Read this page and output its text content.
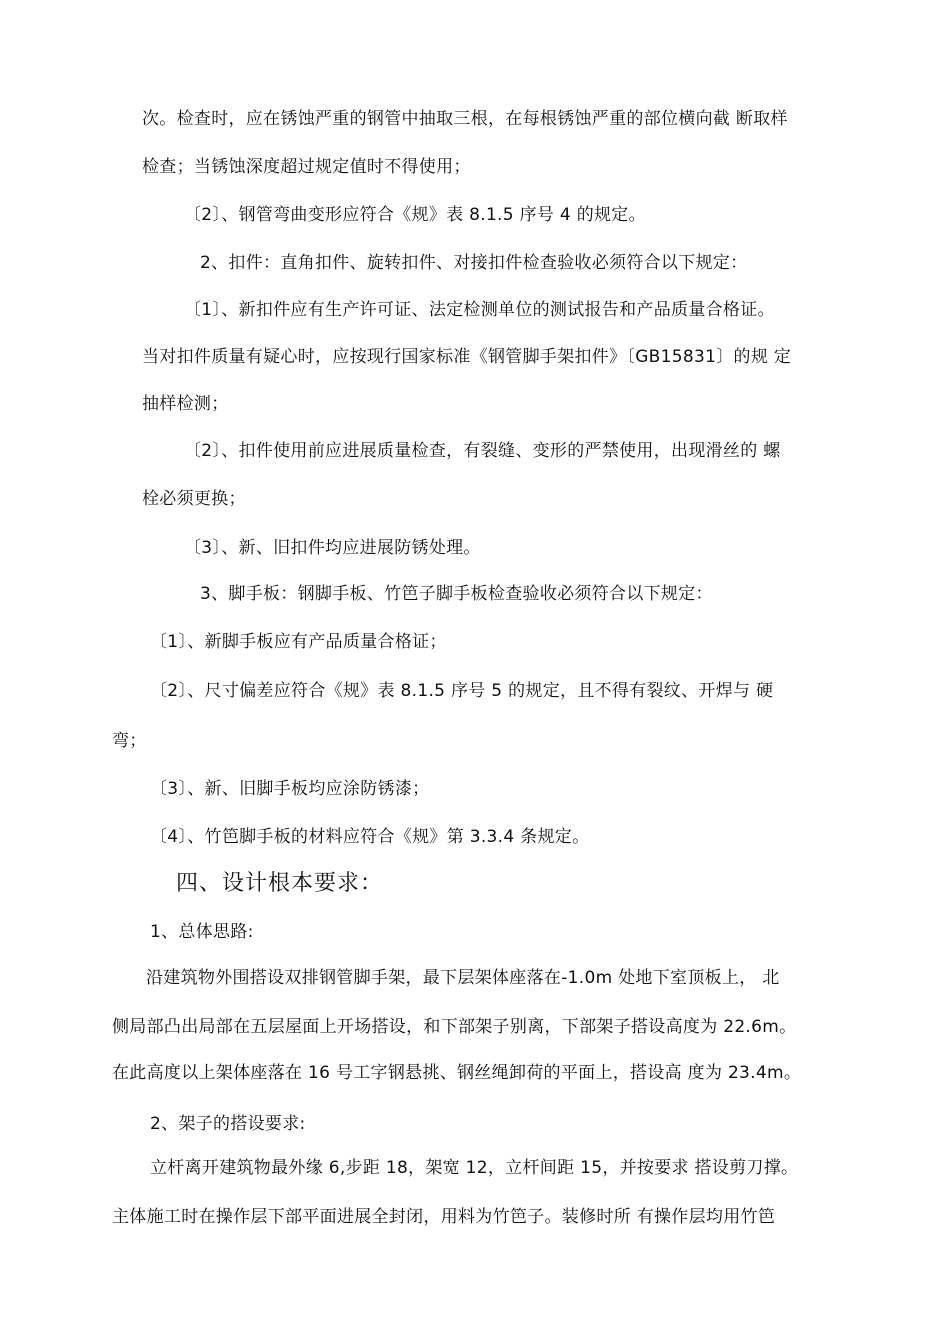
次。检查时，应在锈蚀严重的钢管中抽取三根，在每根锈蚀严重的部位横向截 断取样
检查；当锈蚀深度超过规定值时不得使用；
〔2〕、钢管弯曲变形应符合《规》表 8.1.5 序号 4 的规定。
2、扣件：直角扣件、旋转扣件、对接扣件检查验收必须符合以下规定：
〔1〕、新扣件应有生产许可证、法定检测单位的测试报告和产品质量合格证。
当对扣件质量有疑心时，应按现行国家标准《钢管脚手架扣件》〔GB15831〕的规 定
抽样检测；
〔2〕、扣件使用前应进展质量检查，有裂缝、变形的严禁使用，出现滑丝的 螺
栓必须更换；
〔3〕、新、旧扣件均应进展防锈处理。
3、脚手板：钢脚手板、竹笆子脚手板检查验收必须符合以下规定：
〔1〕、新脚手板应有产品质量合格证；
〔2〕、尺寸偏差应符合《规》表 8.1.5 序号 5 的规定，且不得有裂纹、开焊与 硬
弯；
〔3〕、新、旧脚手板均应涂防锈漆；
〔4〕、竹笆脚手板的材料应符合《规》第 3.3.4 条规定。
四、设计根本要求：
1、总体思路:
沿建筑物外围搭设双排钢管脚手架，最下层架体座落在-1.0m 处地下室顶板上， 北
侧局部凸出局部在五层屋面上开场搭设，和下部架子别离，下部架子搭设高度为 22.6m。
在此高度以上架体座落在 16 号工字钢悬挑、钢丝绳卸荷的平面上，搭设高 度为 23.4m。
2、架子的搭设要求:
立杆离开建筑物最外缘 6,步距 18，架宽 12，立杆间距 15，并按要求 搭设剪刀撑。
主体施工时在操作层下部平面进展全封闭，用料为竹笆子。装修时所 有操作层均用竹笆
